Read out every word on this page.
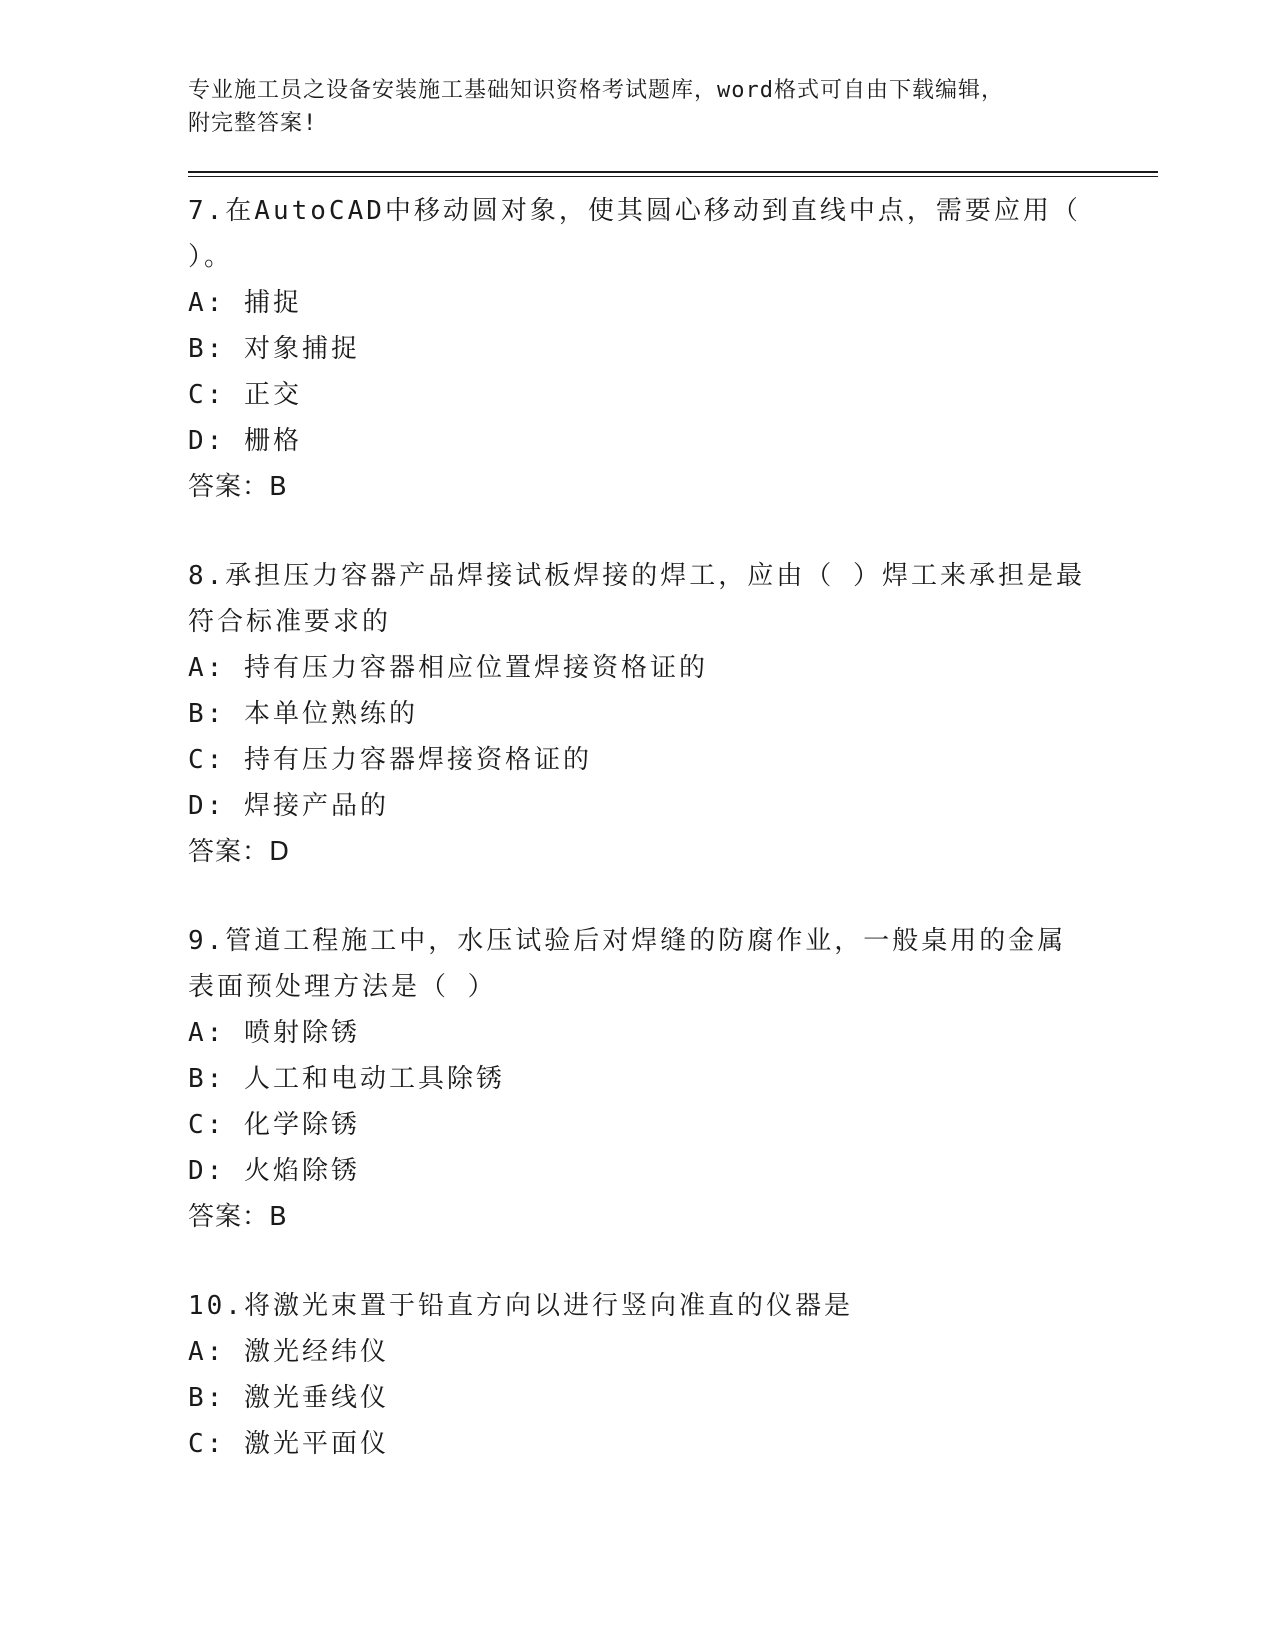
专业施工员之设备安装施工基础知识资格考试题库，word格式可自由下载编辑，
附完整答案!
7.在AutoCAD中移动圆对象，使其圆心移动到直线中点，需要应用（
）。
A: 捕捉
B: 对象捕捉
C: 正交
D: 栅格
答案：B
8.承担压力容器产品焊接试板焊接的焊工，应由（ ）焊工来承担是最
符合标准要求的
A: 持有压力容器相应位置焊接资格证的
B: 本单位熟练的
C: 持有压力容器焊接资格证的
D: 焊接产品的
答案：D
9.管道工程施工中，水压试验后对焊缝的防腐作业，一般桌用的金属
表面预处理方法是（ ）
A: 喷射除锈
B: 人工和电动工具除锈
C: 化学除锈
D: 火焰除锈
答案：B
10.将激光束置于铅直方向以进行竖向准直的仪器是
A: 激光经纬仪
B: 激光垂线仪
C: 激光平面仪
